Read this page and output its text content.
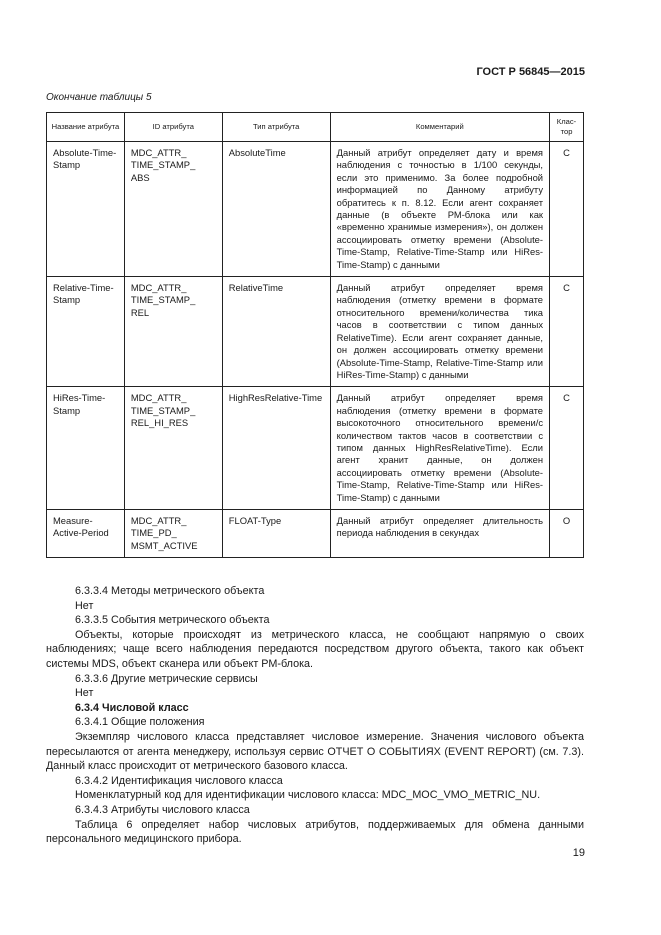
ГОСТ Р 56845—2015
Окончание таблицы 5
Название атрибута	ID атрибута	Тип атрибута	Комментарий	Клас-тор
Absolute-Time-Stamp	MDC_ATTR_ TIME_STAMP_ ABS	AbsoluteTime	Данный атрибут определяет дату и время наблюдения с точностью в 1/100 секунды, если это применимо. За более подробной информацией по Данному атрибуту обратитесь к п. 8.12. Если агент сохраняет данные (в объекте РМ-блока или как «временно хранимые измерения»), он должен ассоциировать отметку времени (Absolute-Time-Stamp, Relative-Time-Stamp или HiRes-Time-Stamp) с данными	C
Relative-Time-Stamp	MDC_ATTR_ TIME_STAMP_ REL	RelativeTime	Данный атрибут определяет время наблюдения (отметку времени в формате относительного времени/количества тика часов в соответствии с типом данных RelativeTime). Если агент сохраняет данные, он должен ассоциировать отметку времени (Absolute-Time-Stamp, Relative-Time-Stamp или HiRes-Time-Stamp) с данными	C
HiRes-Time-Stamp	MDC_ATTR_ TIME_STAMP_ REL_HI_RES	HighResRelative-Time	Данный атрибут определяет время наблюдения (отметку времени в формате высокоточного относительного времени/с количеством тактов часов в соответствии с типом данных HighResRelativeTime). Если агент хранит данные, он должен ассоциировать отметку времени (Absolute-Time-Stamp, Relative-Time-Stamp или HiRes-Time-Stamp) с данными	C
Measure-Active-Period	MDC_ATTR_ TIME_PD_ MSMT_ACTIVE	FLOAT-Type	Данный атрибут определяет длительность периода наблюдения в секундах	O

6.3.3.4 Методы метрического объекта

Нет

6.3.3.5 События метрического объекта

Объекты, которые происходят из метрического класса, не сообщают напрямую о своих наблюдениях; чаще всего наблюдения передаются посредством другого объекта, такого как объект системы MDS, объект сканера или объект РМ-блока.

6.3.3.6 Другие метрические сервисы

Нет

6.3.4 Числовой класс

6.3.4.1 Общие положения

Экземпляр числового класса представляет числовое измерение. Значения числового объекта пересылаются от агента менеджеру, используя сервис ОТЧЕТ О СОБЫТИЯХ (EVENT REPORT) (см. 7.3). Данный класс происходит от метрического базового класса.

6.3.4.2 Идентификация числового класса

Номенклатурный код для идентификации числового класса: MDC_MOC_VMO_METRIC_NU.

6.3.4.3 Атрибуты числового класса

Таблица 6 определяет набор числовых атрибутов, поддерживаемых для обмена данными персонального медицинского прибора.

19
